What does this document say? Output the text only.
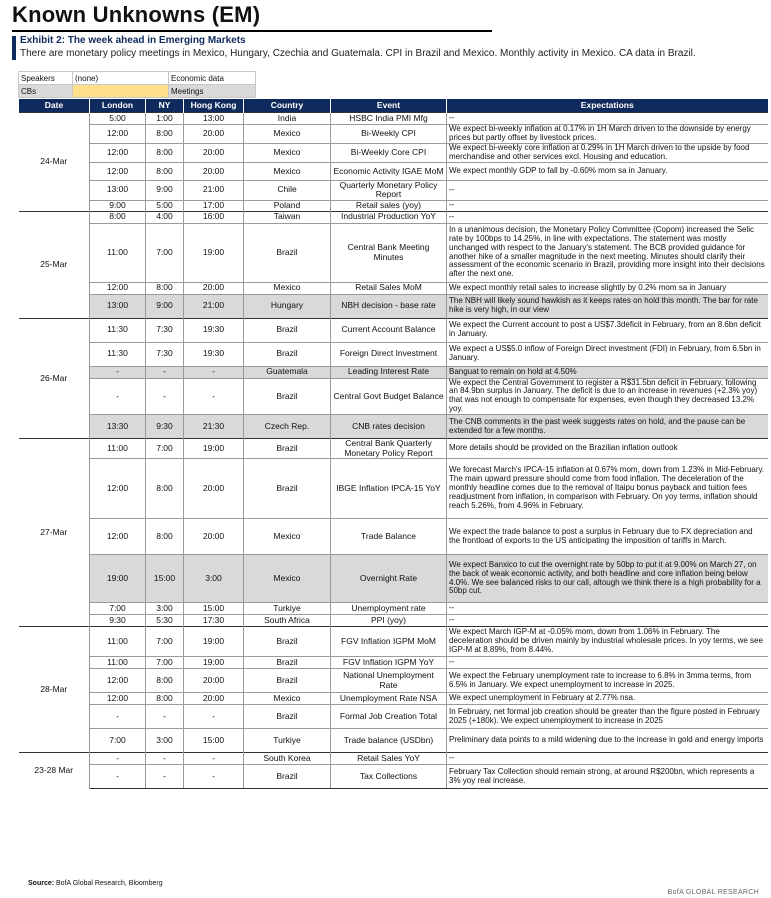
Known Unknowns (EM)
Exhibit 2: The week ahead in Emerging Markets
There are monetary policy meetings in Mexico, Hungary, Czechia and Guatemala. CPI in Brazil and Mexico. Monthly activity in Mexico. CA data in Brazil.
Speakers	(none)	Economic data
CBs		Meetings
Date	London	NY	Hong Kong	Country	Event	Expectations
24-Mar	5:00	1:00	13:00	India	HSBC India PMI Mfg	--
	12:00	8:00	20:00	Mexico	Bi-Weekly CPI	We expect bi-weekly inflation at 0.17% in 1H March driven to the downside by energy prices but partly offset by livestock prices.
	12:00	8:00	20:00	Mexico	Bi-Weekly Core CPI	We expect bi-weekly core inflation at 0.29% in 1H March driven to the upside by food merchandise and other services excl. Housing and education.
	12:00	8:00	20:00	Mexico	Economic Activity IGAE MoM	We expect monthly GDP to fall by -0.60% mom sa in January.
	13:00	9:00	21:00	Chile	Quarterly Monetary Policy Report	--
	9:00	5:00	17:00	Poland	Retail sales (yoy)	--
25-Mar	8:00	4:00	16:00	Taiwan	Industrial Production YoY	--
	11:00	7:00	19:00	Brazil	Central Bank Meeting Minutes	In a unanimous decision, the Monetary Policy Committee (Copom) increased the Selic rate by 100bps to 14.25%, in line with expectations. The statement was mostly unchanged with respect to the January's statement. The BCB provided guidance for another hike of a smaller magnitude in the next meeting. Minutes should clarify their assessment of the economic scenario in Brazil, providing more insight into their decisions after the next one.
	12:00	8:00	20:00	Mexico	Retail Sales MoM	We expect monthly retail sales to increase slightly by 0.2% mom sa in January
	13:00	9:00	21:00	Hungary	NBH decision - base rate	The NBH will likely sound hawkish as it keeps rates on hold this month. The bar for rate hike is very high, in our view
26-Mar	11:30	7:30	19:30	Brazil	Current Account Balance	We expect the Current account to post a US$7.3deficit in February, from an 8.6bn deficit in January.
	11:30	7:30	19:30	Brazil	Foreign Direct Investment	We expect a US$5.0 inflow of Foreign Direct investment (FDI) in February, from 6.5bn in January.
	-	-	-	Guatemala	Leading Interest Rate	Banguat to remain on hold at 4.50%
	-	-	-	Brazil	Central Govt Budget Balance	We expect the Central Government to register a R$31.5bn deficit in February, following an 84.9bn surplus in January. The deficit is due to an increase in revenues (+2.3% yoy) that was not enough to compensate for expenses, even though they decreased 13.2% yoy.
	13:30	9:30	21:30	Czech Rep.	CNB rates decision	The CNB comments in the past week suggests rates on hold, and the pause can be extended for a few months.
27-Mar	11:00	7:00	19:00	Brazil	Central Bank Quarterly Monetary Policy Report	More details should be provided on the Brazilian inflation outlook
	12:00	8:00	20:00	Brazil	IBGE Inflation IPCA-15 YoY	We forecast March's IPCA-15 inflation at 0.67% mom, down from 1.23% in Mid-February. The main upward pressure should come from food inflation. The deceleration of the monthly headline comes due to the removal of Itaipu bonus payback and tuition fees readjustment from inflation, in comparison with February. On yoy terms, inflation should reach 5.26%, from 4.96% in February.
	12:00	8:00	20:00	Mexico	Trade Balance	We expect the trade balance to post a surplus in February due to FX depreciation and the frontload of exports to the US anticipating the imposition of tariffs in March.
	19:00	15:00	3:00	Mexico	Overnight Rate	We expect Banxico to cut the overnight rate by 50bp to put it at 9.00% on March 27, on the back of weak economic activity, and both headline and core inflation being below 4.0%. We see balanced risks to our call, altough we think there is a high probability for a 50bp cut.
	7:00	3:00	15:00	Turkiye	Unemployment rate	--
	9:30	5:30	17:30	South Africa	PPI (yoy)	--
28-Mar	11:00	7:00	19:00	Brazil	FGV Inflation IGPM MoM	We expect March IGP-M at -0.05% mom, down from 1.06% in February. The deceleration should be driven mainly by industrial wholesale prices. In yoy terms, we see IGP-M at 8.89%, from 8.44%.
	11:00	7:00	19:00	Brazil	FGV Inflation IGPM YoY	--
	12:00	8:00	20:00	Brazil	National Unemployment Rate	We expect the February unemployment rate to increase to 6.8% in 3mma terms, from 6.5% in January. We expect unemployment to increase in 2025.
	12:00	8:00	20:00	Mexico	Unemployment Rate NSA	We expect unemployment in February at 2.77% nsa.
	-	-	-	Brazil	Formal Job Creation Total	In February, net formal job creation should be greater than the figure posted in February 2025 (+180k). We expect unemployment to increase in 2025
	7:00	3:00	15:00	Turkiye	Trade balance (USDbn)	Preliminary data points to a mild widening due to the increase in gold and energy imports
23-28 Mar	-	-	-	South Korea	Retail Sales YoY	--
	-	-	-	Brazil	Tax Collections	February Tax Collection should remain strong, at around R$200bn, which represents a 3% yoy real increase.
Source: BofA Global Research, Bloomberg
BofA GLOBAL RESEARCH
